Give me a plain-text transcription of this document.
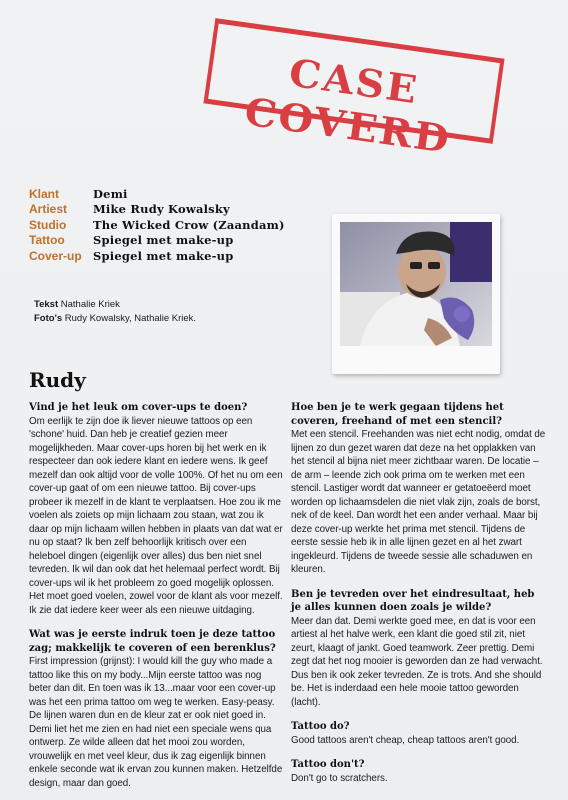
CASE COVERD
Klant	Demi
Artiest	Mike Rudy Kowalsky
Studio	The Wicked Crow (Zaandam)
Tattoo	Spiegel met make-up
Cover-up Spiegel met make-up
Tekst Nathalie Kriek
Foto's Rudy Kowalsky, Nathalie Kriek.
Rudy
Vind je het leuk om cover-ups te doen?
Om eerlijk te zijn doe ik liever nieuwe tattoos op een 'schone' huid. Dan heb je creatief gezien meer mogelijkheden. Maar cover-ups horen bij het werk en ik respecteer dan ook iedere klant en iedere wens. Ik geef mezelf dan ook altijd voor de volle 100%. Of het nu om een cover-up gaat of om een nieuwe tattoo. Bij cover-ups probeer ik mezelf in de klant te verplaatsen. Hoe zou ik me voelen als zoiets op mijn lichaam zou staan, wat zou ik daar op mijn lichaam willen hebben in plaats van dat wat er nu op staat? Ik ben zelf behoorlijk kritisch over een heleboel dingen (eigenlijk over alles) dus ben niet snel tevreden. Ik wil dan ook dat het helemaal perfect wordt. Bij cover-ups wil ik het probleem zo goed mogelijk oplossen. Het moet goed voelen, zowel voor de klant als voor mezelf. Ik zie dat iedere keer weer als een nieuwe uitdaging.
Wat was je eerste indruk toen je deze tattoo zag; makkelijk te coveren of een berenklus?
First impression (grijnst): I would kill the guy who made a tattoo like this on my body...Mijn eerste tattoo was nog beter dan dit. En toen was ik 13...maar voor een cover-up was het een prima tattoo om weg te werken. Easy-peasy. De lijnen waren dun en de kleur zat er ook niet goed in. Demi liet het me zien en had niet een speciale wens qua ontwerp. Ze wilde alleen dat het mooi zou worden, vrouwelijk en met veel kleur, dus ik zag eigenlijk binnen enkele seconde wat ik ervan zou kunnen maken. Hetzelfde design, maar dan goed.
Hoe ben je te werk gegaan tijdens het coveren, freehand of met een stencil?
Met een stencil. Freehanden was niet echt nodig, omdat de lijnen zo dun gezet waren dat deze na het opplakken van het stencil al bijna niet meer zichtbaar waren. De locatie – de arm – leende zich ook prima om te werken met een stencil. Lastiger wordt dat wanneer er getatoeëerd moet worden op lichaamsdelen die niet vlak zijn, zoals de borst, nek of de keel. Dan wordt het een ander verhaal. Maar bij deze cover-up werkte het prima met stencil. Tijdens de eerste sessie heb ik in alle lijnen gezet en al het zwart ingekleurd. Tijdens de tweede sessie alle schaduwen en kleuren.
Ben je tevreden over het eindresultaat, heb je alles kunnen doen zoals je wilde?
Meer dan dat. Demi werkte goed mee, en dat is voor een artiest al het halve werk, een klant die goed stil zit, niet zeurt, klaagt of jankt. Goed teamwork. Zeer prettig. Demi zegt dat het nog mooier is geworden dan ze had verwacht. Dus ben ik ook zeker tevreden. Ze is trots. And she should be. Het is inderdaad een hele mooie tattoo geworden (lacht).
Tattoo do?
Good tattoos aren't cheap, cheap tattoos aren't good.
Tattoo don't?
Don't go to scratchers.
